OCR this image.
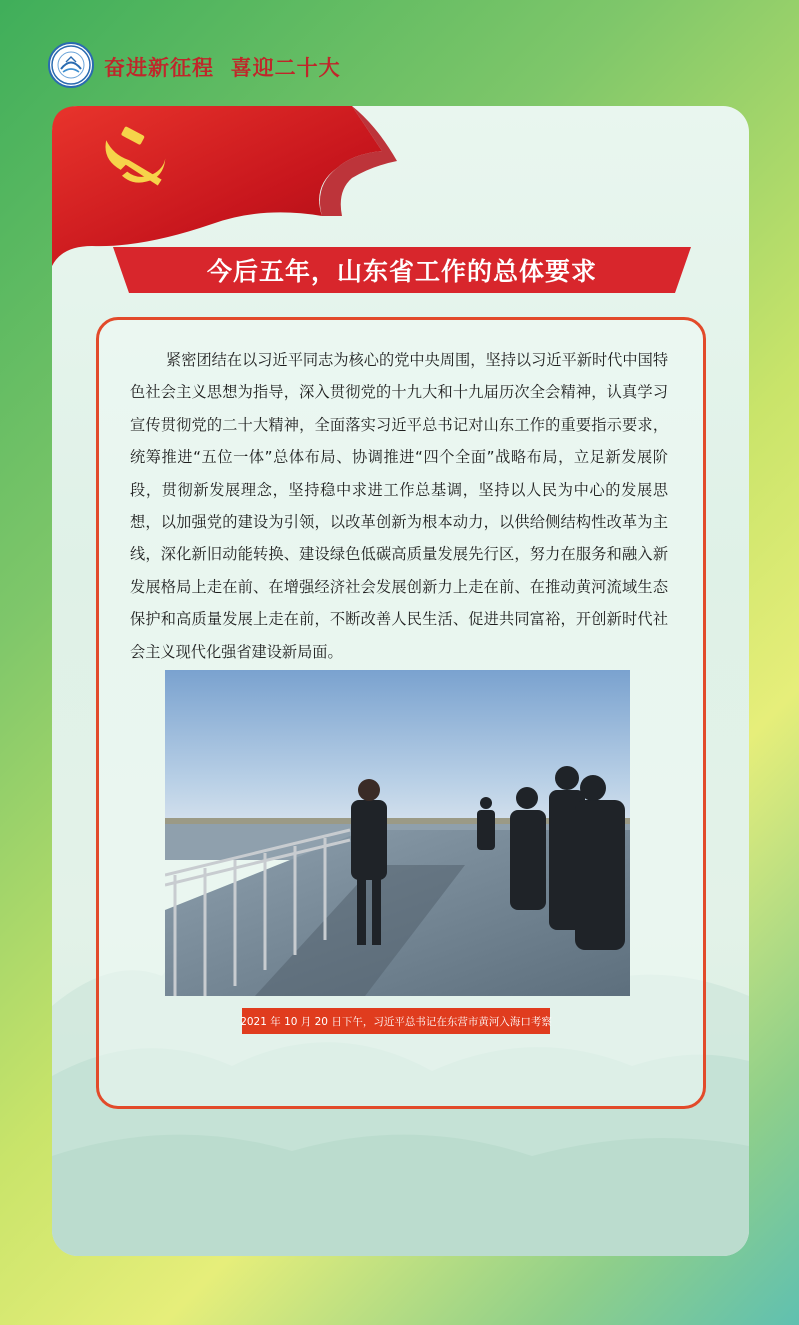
奋进新征程  喜迎二十大
今后五年，山东省工作的总体要求
紧密团结在以习近平同志为核心的党中央周围，坚持以习近平新时代中国特色社会主义思想为指导，深入贯彻党的十九大和十九届历次全会精神，认真学习宣传贯彻党的二十大精神，全面落实习近平总书记对山东工作的重要指示要求，统筹推进“五位一体”总体布局、协调推进“四个全面”战略布局，立足新发展阶段，贯彻新发展理念，坚持稳中求进工作总基调，坚持以人民为中心的发展思想，以加强党的建设为引领，以改革创新为根本动力，以供给侧结构性改革为主线，深化新旧动能转换、建设绿色低碳高质量发展先行区，努力在服务和融入新发展格局上走在前、在增强经济社会发展创新力上走在前、在推动黄河流域生态保护和高质量发展上走在前，不断改善人民生活、促进共同富裕，开创新时代社会主义现代化强省建设新局面。
2021 年 10 月 20 日下午，习近平总书记在东营市黄河入海口考察
